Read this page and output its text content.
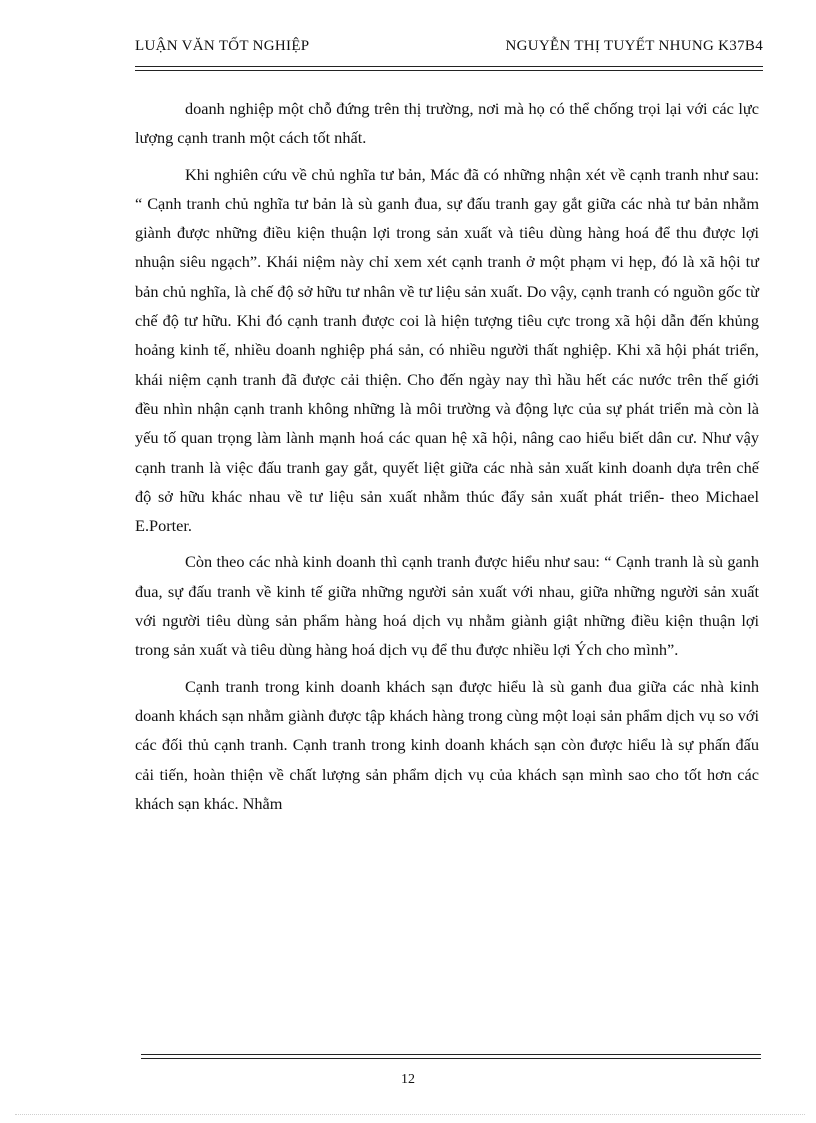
LUẬN VĂN TỐT NGHIỆP	NGUYỄN THỊ TUYẾT NHUNG K37B4

doanh nghiệp một chỗ đứng trên thị trường, nơi mà họ có thể chống trọi lại với các lực lượng cạnh tranh một cách tốt nhất.

Khi nghiên cứu về chủ nghĩa tư bản, Mác đã có những nhận xét về cạnh tranh như sau: “ Cạnh tranh chủ nghĩa tư bản là sù ganh đua, sự đấu tranh gay gắt giữa các nhà tư bản nhằm giành được những điều kiện thuận lợi trong sản xuất và tiêu dùng hàng hoá để thu được lợi nhuận siêu ngạch”. Khái niệm này chỉ xem xét cạnh tranh ở một phạm vi hẹp, đó là xã hội tư bản chủ nghĩa, là chế độ sở hữu tư nhân về tư liệu sản xuất. Do vậy, cạnh tranh có nguồn gốc từ chế độ tư hữu. Khi đó cạnh tranh được coi là hiện tượng tiêu cực trong xã hội dẫn đến khủng hoảng kinh tế, nhiều doanh nghiệp phá sản, có nhiều người thất nghiệp. Khi xã hội phát triển, khái niệm cạnh tranh đã được cải thiện. Cho đến ngày nay thì hầu hết các nước trên thế giới đều nhìn nhận cạnh tranh không những là môi trường và động lực của sự phát triển mà còn là yếu tố quan trọng làm lành mạnh hoá các quan hệ xã hội, nâng cao hiểu biết dân cư. Như vậy cạnh tranh là việc đấu tranh gay gắt, quyết liệt giữa các nhà sản xuất kinh doanh dựa trên chế độ sở hữu khác nhau về tư liệu sản xuất nhằm thúc đẩy sản xuất phát triển- theo Michael E.Porter.

Còn theo các nhà kinh doanh thì cạnh tranh được hiểu như sau: “ Cạnh tranh là sù ganh đua, sự đấu tranh về kinh tế giữa những người sản xuất với nhau, giữa những người sản xuất với người tiêu dùng sản phẩm hàng hoá dịch vụ nhằm giành giật những điều kiện thuận lợi trong sản xuất và tiêu dùng hàng hoá dịch vụ để thu được nhiều lợi Ých cho mình”.

Cạnh tranh trong kinh doanh khách sạn được hiểu là sù ganh đua giữa các nhà kinh doanh khách sạn nhằm giành được tập khách hàng trong cùng một loại sản phẩm dịch vụ so với các đối thủ cạnh tranh. Cạnh tranh trong kinh doanh khách sạn còn được hiểu là sự phấn đấu cải tiến, hoàn thiện về chất lượng sản phẩm dịch vụ của khách sạn mình sao cho tốt hơn các khách sạn khác. Nhằm

12
